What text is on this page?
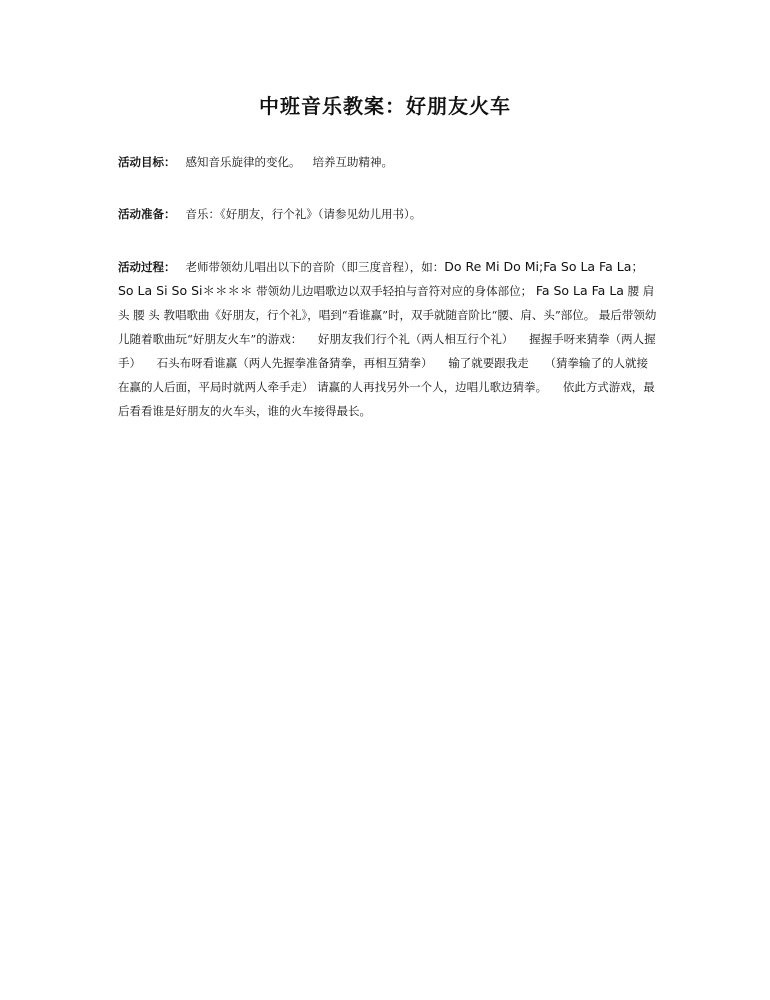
中班音乐教案：好朋友火车
活动目标： 感知音乐旋律的变化。 培养互助精神。
活动准备： 音乐：《好朋友，行个礼》（请参见幼儿用书）。
活动过程： 老师带领幼儿唱出以下的音阶（即三度音程），如：Do Re Mi Do Mi;Fa So La Fa La；So La Si So Si＊＊＊＊ 带领幼儿边唱歌边以双手轻拍与音符对应的身体部位； Fa So La Fa La 腰 肩 头 腰 头 教唱歌曲《好朋友，行个礼》，唱到“看谁赢”时，双手就随音阶比“腰、肩、头”部位。 最后带领幼儿随着歌曲玩“好朋友火车”的游戏： 好朋友我们行个礼（两人相互行个礼） 握握手呀来猜拳（两人握手） 石头布呀看谁赢（两人先握拳准备猜拳，再相互猜拳） 输了就要跟我走 （猜拳输了的人就接在赢的人后面，平局时就两人牵手走） 请赢的人再找另外一个人，边唱儿歌边猜拳。 依此方式游戏，最后看看谁是好朋友的火车头，谁的火车接得最长。
